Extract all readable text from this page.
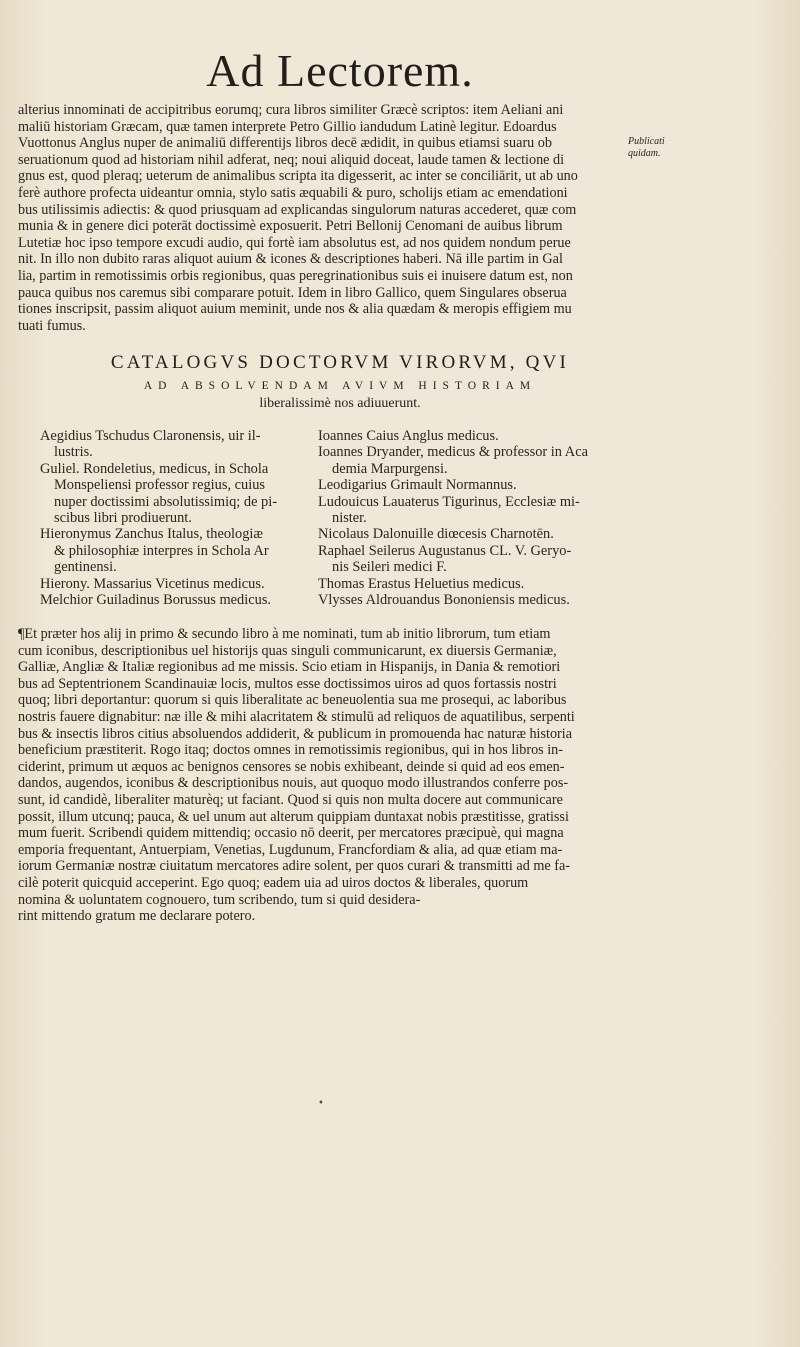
Ad Lectorem.
alterius innominati de accipitribus eorumq; cura libros similiter Græcè scriptos: item Aeliani ani
maliū historiam Græcam, quæ tamen interprete Petro Gillio iandudum Latinè legitur. Edoardus
Vuottonus Anglus nuper de animaliū differentijs libros decē ædidit, in quibus etiamsi suaru ob
seruationum quod ad historiam nihil adferat, neq; noui aliquid doceat, laude tamen & lectione di
gnus est, quod pleraq; ueterum de animalibus scripta ita digesserit, ac inter se conciliārit, ut ab uno
ferè authore profecta uideantur omnia, stylo satis æquabili & puro, scholijs etiam ac emendationi
bus utilissimis adiectis: & quod priusquam ad explicandas singulorum naturas accederet, quæ com
munia & in genere dici poterāt doctissimè exposuerit. Petri Bellonij Cenomani de auibus librum
Lutetiæ hoc ipso tempore excudi audio, qui fortè iam absolutus est, ad nos quidem nondum perue
nit. In illo non dubito raras aliquot auium & icones & descriptiones haberi. Nā ille partim in Gal
lia, partim in remotissimis orbis regionibus, quas peregrinationibus suis ei inuisere datum est, non
pauca quibus nos caremus sibi comparare potuit. Idem in libro Gallico, quem Singulares obserua
tiones inscripsit, passim aliquot auium meminit, unde nos & alia quædam & meropis effigiem mu
tuati fumus.
Publicati quidam.
CATALOGVS DOCTORVM VIRORVM, QVI
AD ABSOLVENDAM AVIVM HISTORIAM
liberalissimè nos adiuuerunt.
Aegidius Tschudus Claronensis, uir il-
lustris.
Guliel. Rondeletius, medicus, in Schola
Monspeliensi professor regius, cuius
nuper doctissimi absolutissimiq; de pi-
scibus libri prodiuerunt.
Hieronymus Zanchus Italus, theologiæ
& philosophiæ interpres in Schola Ar
gentinensi.
Hierony. Massarius Vicetinus medicus.
Melchior Guiladinus Borussus medicus.
Ioannes Caius Anglus medicus.
Ioannes Dryander, medicus & professor in Aca
demia Marpurgensi.
Leodigarius Grimault Normannus.
Ludouicus Lauaterus Tigurinus, Ecclesiæ mi-
nister.
Nicolaus Dalonuille diœcesis Charnotēn.
Raphael Seilerus Augustanus CL. V. Geryo-
nis Seileri medici F.
Thomas Erastus Heluetius medicus.
Vlysses Aldrouandus Bononiensis medicus.
¶Et præter hos alij in primo & secundo libro à me nominati, tum ab initio librorum, tum etiam
cum iconibus, descriptionibus uel historijs quas singuli communicarunt, ex diuersis Germaniæ,
Galliæ, Angliæ & Italiæ regionibus ad me missis. Scio etiam in Hispanijs, in Dania & remotiori
bus ad Septentrionem Scandinauiæ locis, multos esse doctissimos uiros ad quos fortassis nostri
quoq; libri deportantur: quorum si quis liberalitate ac beneuolentia sua me prosequi, ac laboribus
nostris fauere dignabitur: næ ille & mihi alacritatem & stimulū ad reliquos de aquatilibus, serpenti
bus & insectis libros citius absoluendos addiderit, & publicum in promouenda hac naturæ historia
beneficium præstiterit. Rogo itaq; doctos omnes in remotissimis regionibus, qui in hos libros in-
ciderint, primum ut æquos ac benignos censores se nobis exhibeant, deinde si quid ad eos emen-
dandos, augendos, iconibus & descriptionibus nouis, aut quoquo modo illustrandos conferre pos-
sunt, id candidè, liberaliter maturèq; ut faciant. Quod si quis non multa docere aut communicare
possit, illum utcunq; pauca, & uel unum aut alterum quippiam duntaxat nobis præstitisse, gratissi
mum fuerit. Scribendi quidem mittendiq; occasio nō deerit, per mercatores præcipuè, qui magna
emporia frequentant, Antuerpiam, Venetias, Lugdunum, Francfordiam & alia, ad quæ etiam ma-
iorum Germaniæ nostræ ciuitatum mercatores adire solent, per quos curari & transmitti ad me fa-
cilè poterit quicquid acceperint. Ego quoq; eadem uia ad uiros doctos & liberales, quorum
nomina & uoluntatem cognouero, tum scribendo, tum si quid desidera-
rint mittendo gratum me declarare potero.
•
